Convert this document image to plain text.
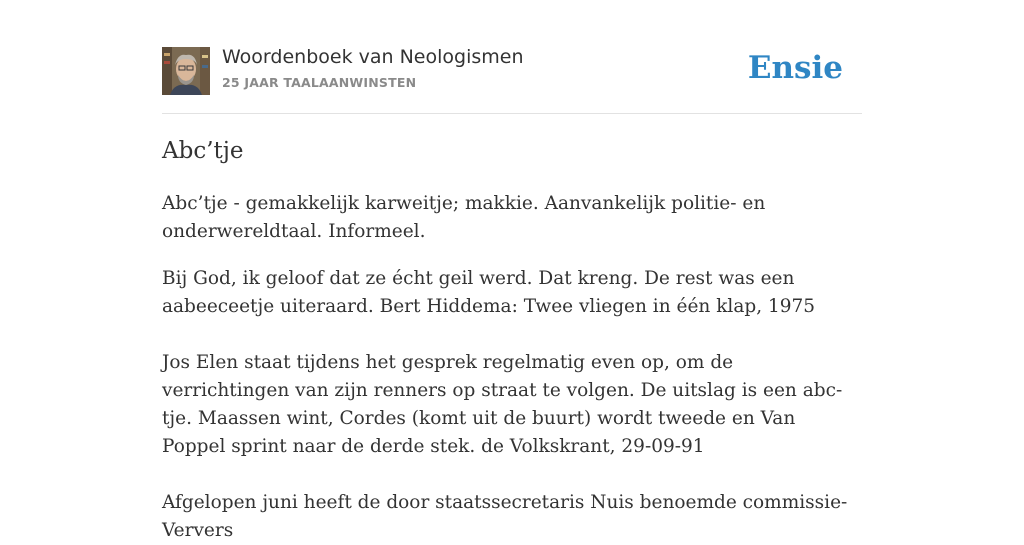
Woordenboek van Neologismen
25 JAAR TAALAANWINSTEN	Ensie
Abc’tje

Abc’tje - gemakkelijk karweitje; makkie. Aanvankelijk politie- en onderwereldtaal. Informeel.

Bij God, ik geloof dat ze écht geil werd. Dat kreng. De rest was een aabeeceetje uiteraard. Bert Hiddema: Twee vliegen in één klap, 1975

Jos Elen staat tijdens het gesprek regelmatig even op, om de verrichtingen van zijn renners op straat te volgen. De uitslag is een abc-tje. Maassen wint, Cordes (komt uit de buurt) wordt tweede en Van Poppel sprint naar de derde stek. de Volkskrant, 29-09-91

Afgelopen juni heeft de door staatssecretaris Nuis benoemde commissie-Ververs
